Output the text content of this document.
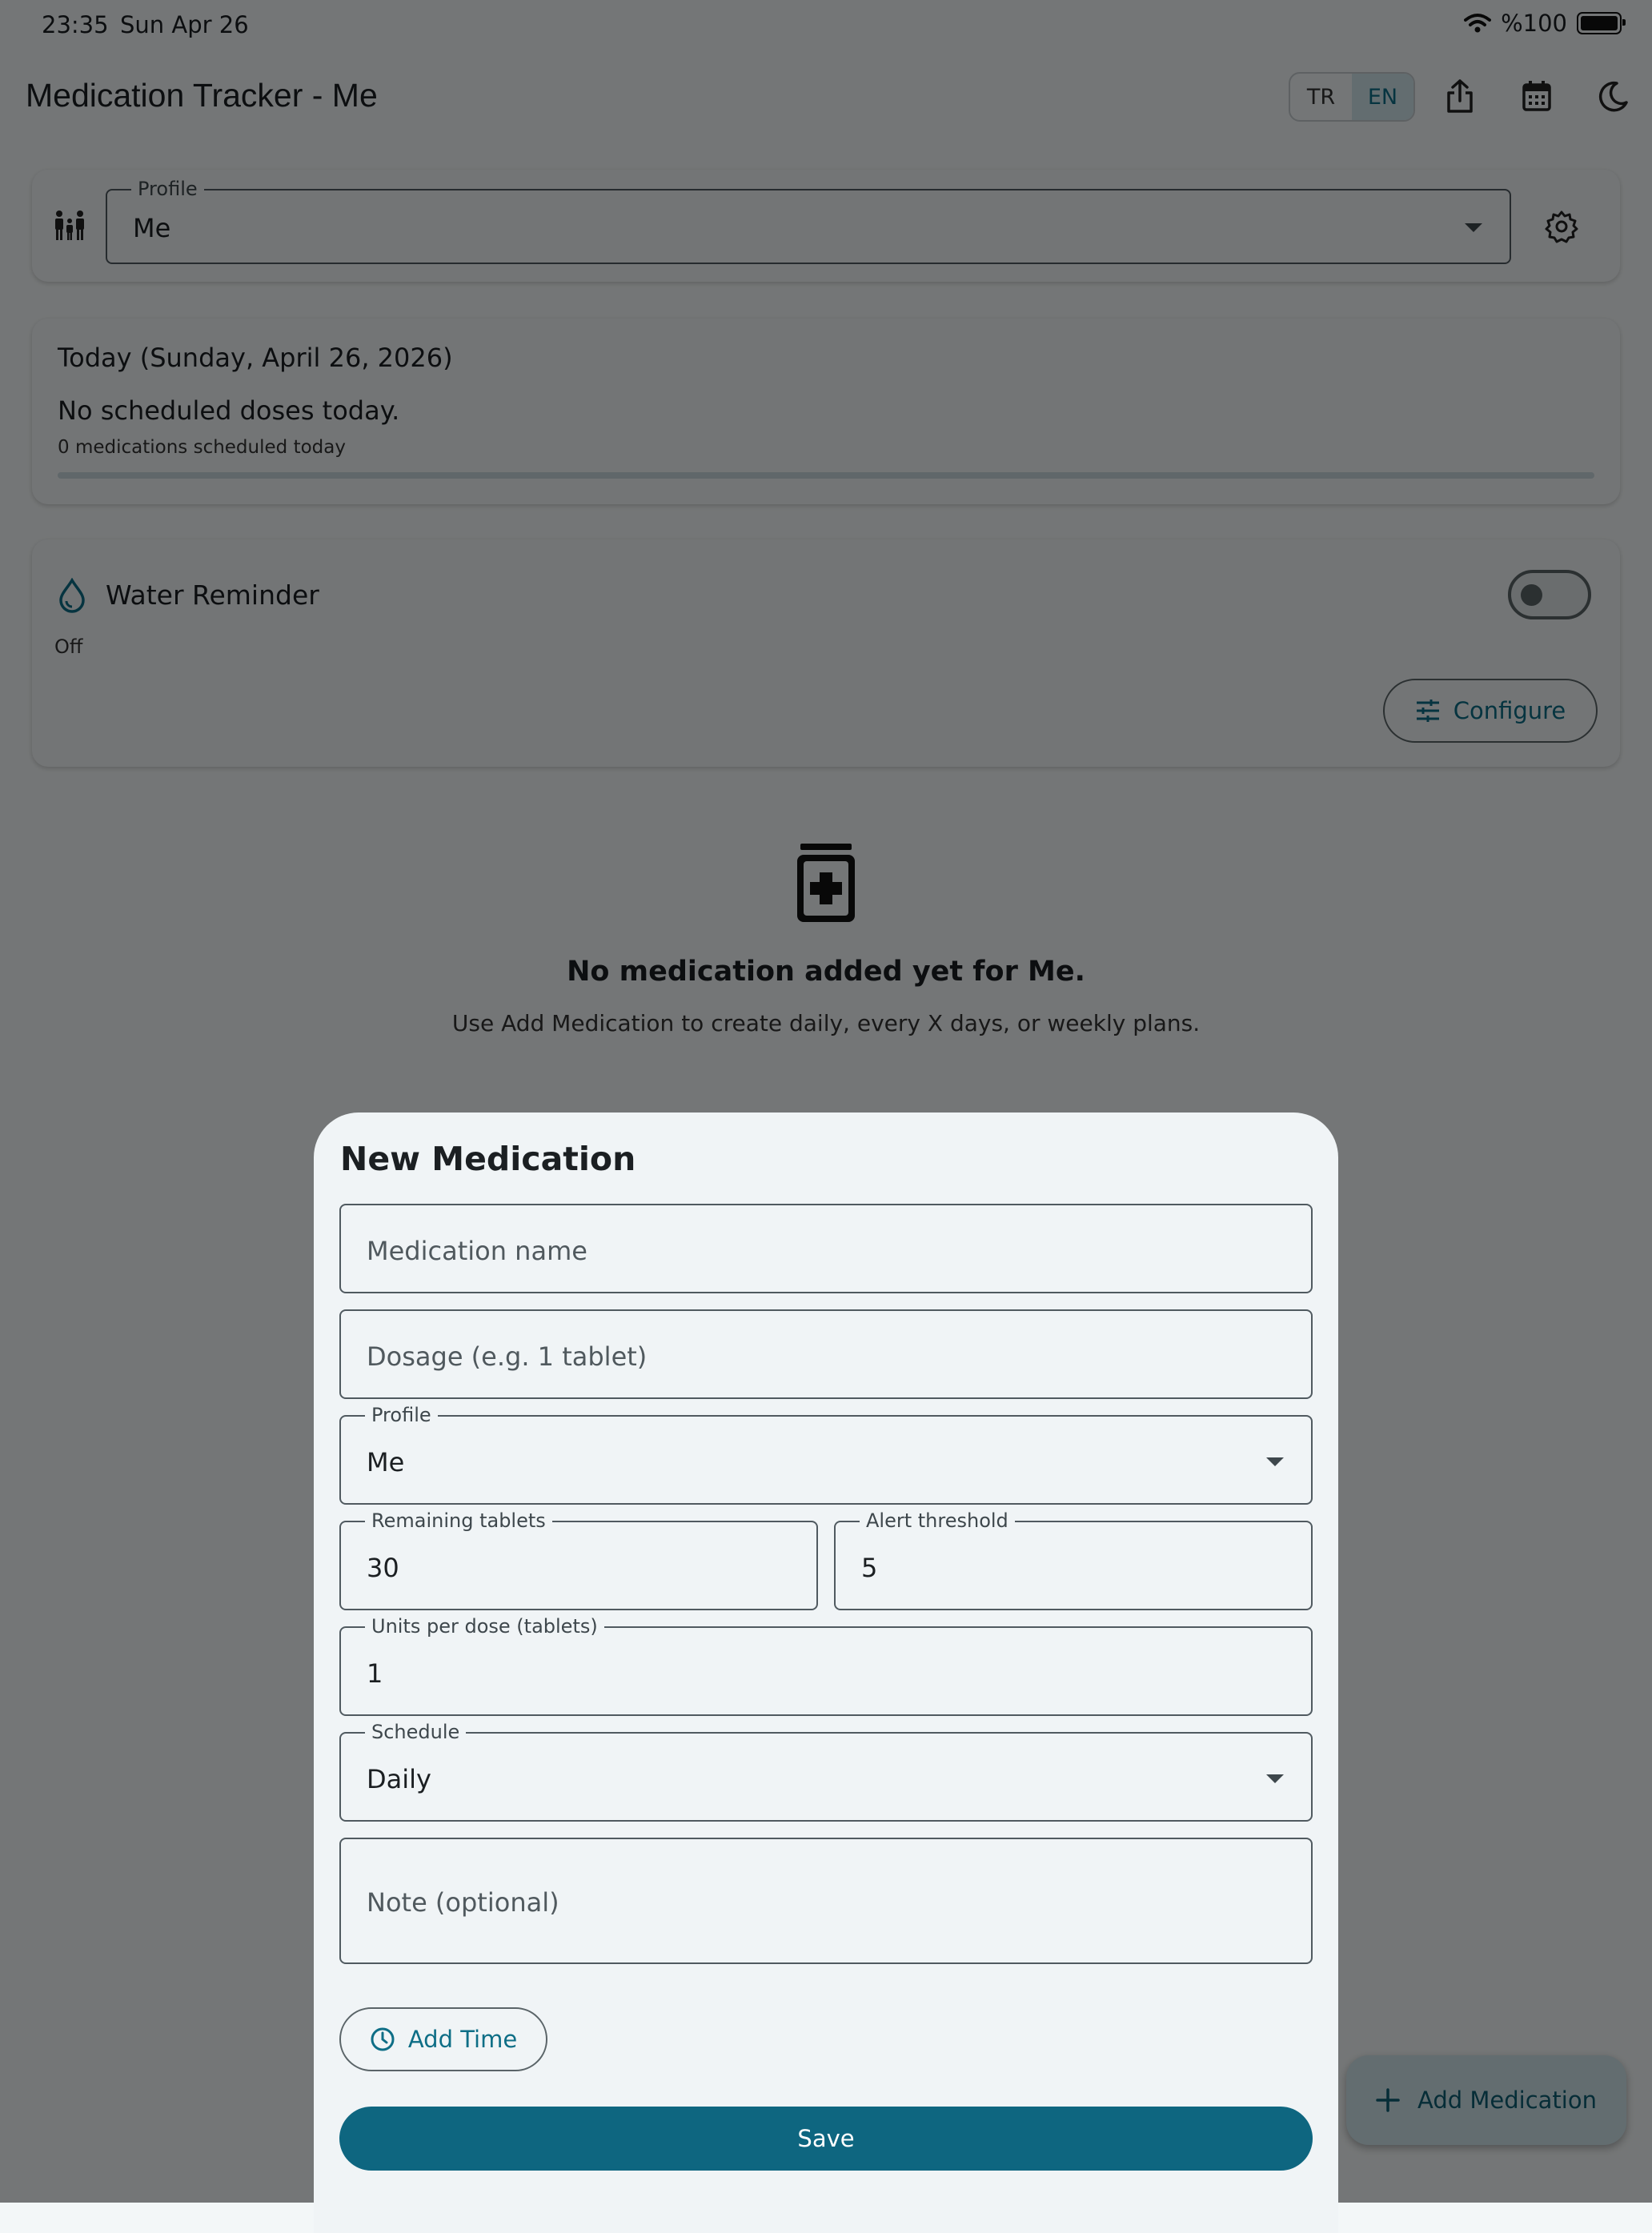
New Medication
Medication name
Dosage (e.g. 1 tablet)
Profile
Me
Remaining tablets
30
Alert threshold
5
Units per dose (tablets)
1
Schedule
Daily
Note (optional)
Add Time
Save
